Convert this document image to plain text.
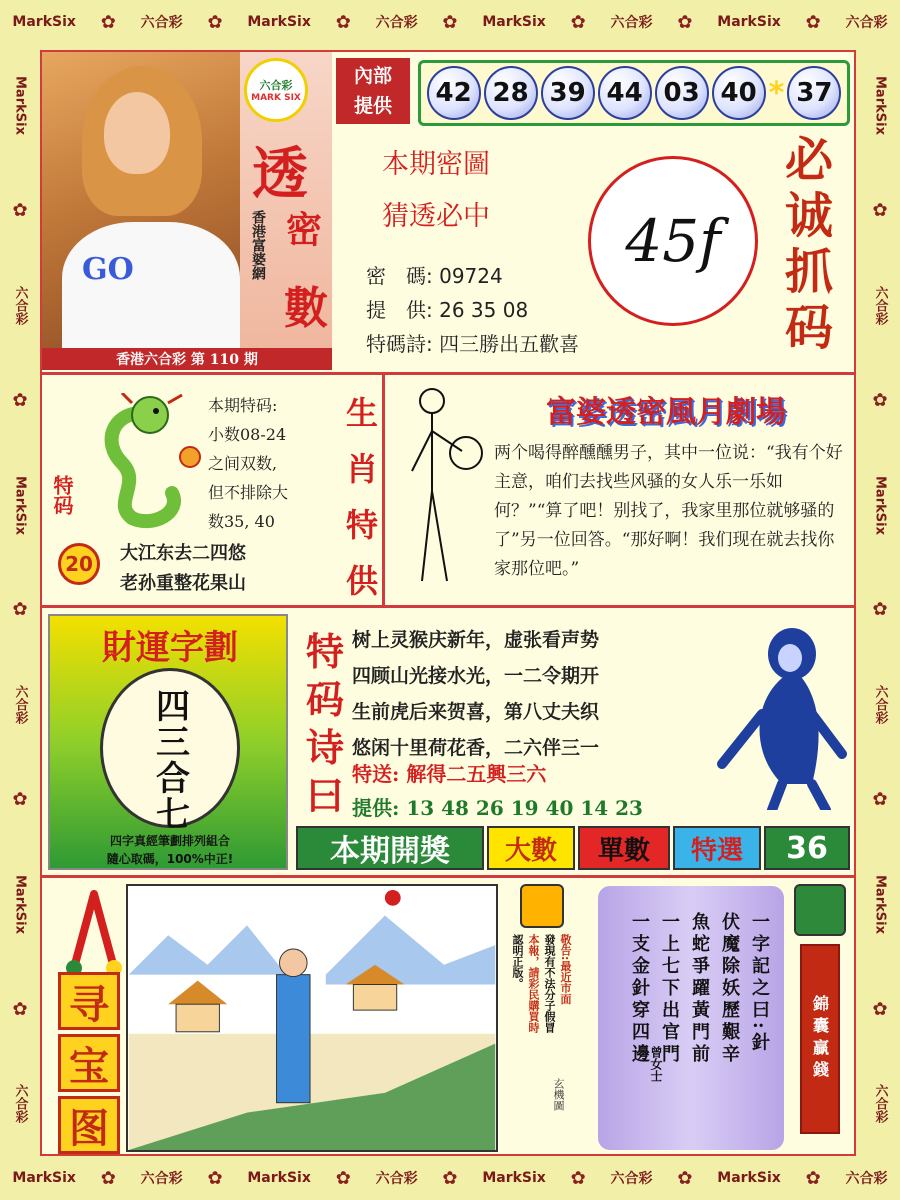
MarkSix ✿ 六合彩 ✿ MarkSix ✿ 六合彩 ✿ MarkSix ✿ 六合彩 ✿ MarkSix ✿ 六合彩
MarkSix ✿ 六合彩 ✿ MarkSix ✿ 六合彩 ✿ MarkSix ✿ 六合彩 ✿ MarkSix ✿ 六合彩
MarkSix
✿
六合彩
✿
MarkSix
✿
六合彩
✿
MarkSix
✿
六合彩
MarkSix
✿
六合彩
✿
MarkSix
✿
六合彩
✿
MarkSix
✿
六合彩
GO
六合彩
MARK SIX
透
密
數
香港富婆網
香港六合彩 第 110 期
內部
提供	42 28 39 44 03 40 * 37
本期密圖
猜透必中
密　碼: 09724
提　供: 26 35 08
特碼詩: 四三勝出五歡喜
45f
必
诚
抓
码
特码
20
本期特码:
小数08-24
之间双数,
但不排除大
数35, 40
大江东去二四悠
老孙重整花果山
生
肖
特
供
富婆透密風月劇場
两个喝得醉醺醺男子，其中一位说：“我有个好主意，咱们去找些风骚的女人乐一乐如何？”“算了吧！别找了，我家里那位就够骚的了”另一位回答。“那好啊！我们现在就去找你家那位吧。”
財運字劃
四
三
合
七
四字真經筆劃排列組合
隨心取碼，100%中正!
特
码
诗
曰
树上灵猴庆新年，虚张看声势
四顾山光接水光，一二令期开
生前虎后来贺喜，第八丈夫织
悠闲十里荷花香，二六伴三一
特送: 解得二五興三六
提供: 13 48 26 19 40 14 23
本期開獎	大數	單數	特選	36
寻
宝
图
敬告:最近市面
發現有不法分子假冒
本報，請彩民購買時
認明正版。
玄機圖
一字記之曰:針
伏魔除妖歷艱辛
魚蛇爭躍黃門前
一上七下出官門
一支金針穿四邊 曾女士	錦囊贏錢
